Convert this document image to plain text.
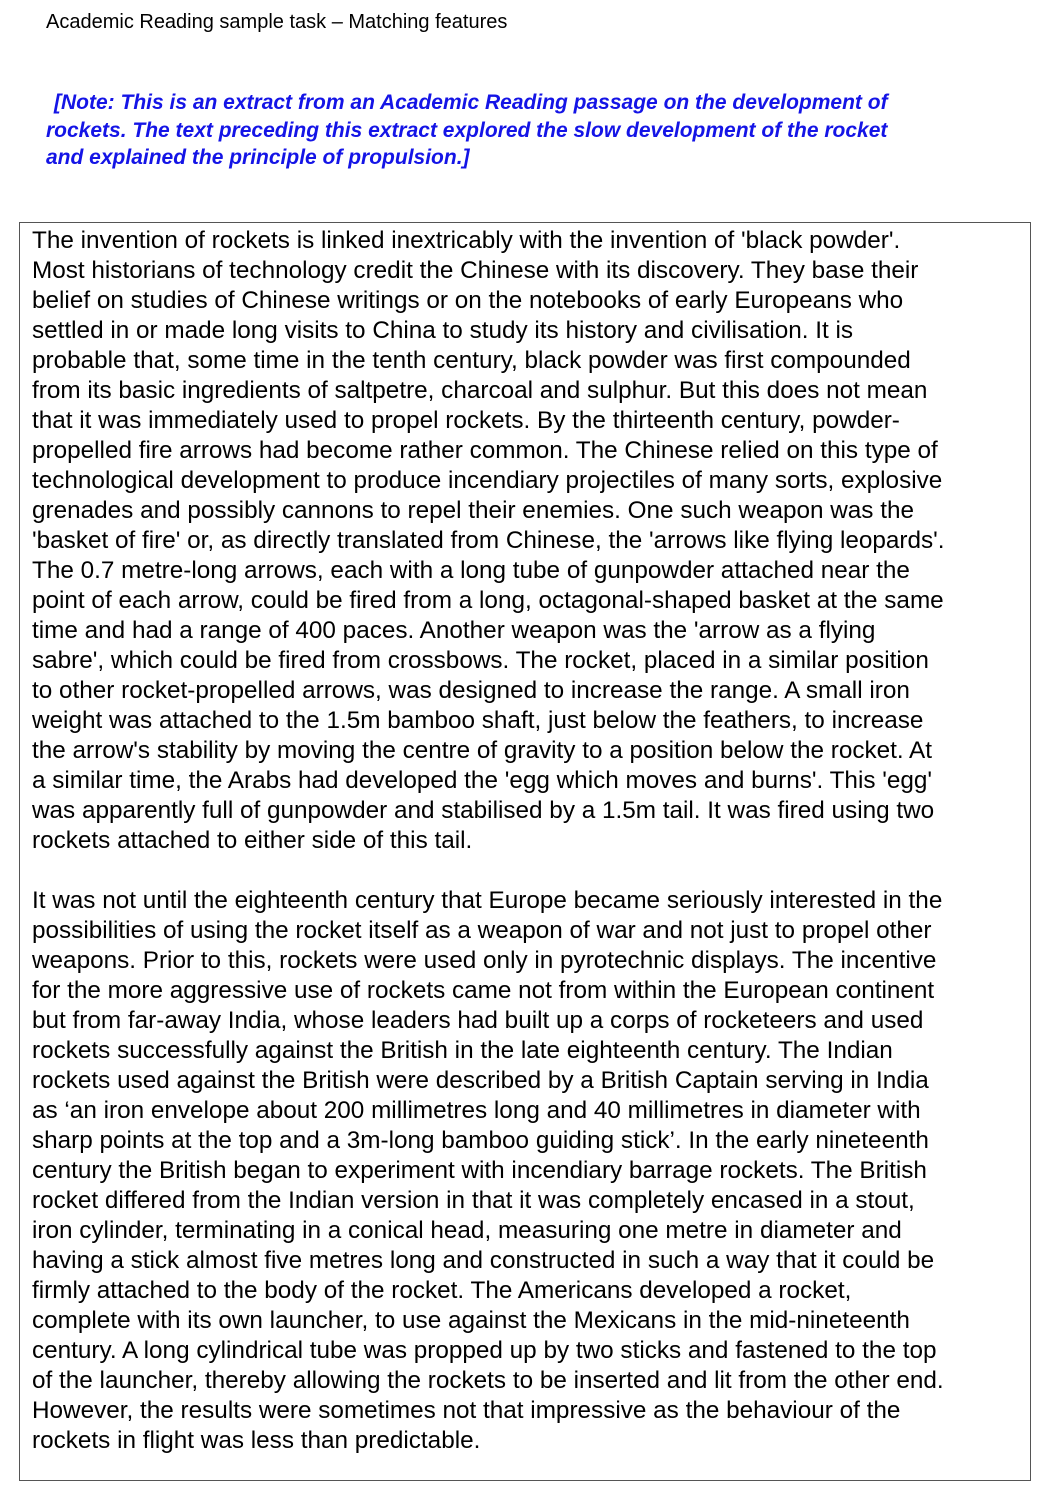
Academic Reading sample task – Matching features
[Note: This is an extract from an Academic Reading passage on the development of
rockets. The text preceding this extract explored the slow development of the rocket
and explained the principle of propulsion.]
The invention of rockets is linked inextricably with the invention of 'black powder'.
Most historians of technology credit the Chinese with its discovery. They base their
belief on studies of Chinese writings or on the notebooks of early Europeans who
settled in or made long visits to China to study its history and civilisation. It is
probable that, some time in the tenth century, black powder was first compounded
from its basic ingredients of saltpetre, charcoal and sulphur. But this does not mean
that it was immediately used to propel rockets. By the thirteenth century, powder-
propelled fire arrows had become rather common. The Chinese relied on this type of
technological development to produce incendiary projectiles of many sorts, explosive
grenades and possibly cannons to repel their enemies. One such weapon was the
'basket of fire' or, as directly translated from Chinese, the 'arrows like flying leopards'.
The 0.7 metre-long arrows, each with a long tube of gunpowder attached near the
point of each arrow, could be fired from a long, octagonal-shaped basket at the same
time and had a range of 400 paces. Another weapon was the 'arrow as a flying
sabre', which could be fired from crossbows. The rocket, placed in a similar position
to other rocket-propelled arrows, was designed to increase the range. A small iron
weight was attached to the 1.5m bamboo shaft, just below the feathers, to increase
the arrow's stability by moving the centre of gravity to a position below the rocket. At
a similar time, the Arabs had developed the 'egg which moves and burns'. This 'egg'
was apparently full of gunpowder and stabilised by a 1.5m tail. It was fired using two
rockets attached to either side of this tail.
It was not until the eighteenth century that Europe became seriously interested in the
possibilities of using the rocket itself as a weapon of war and not just to propel other
weapons. Prior to this, rockets were used only in pyrotechnic displays. The incentive
for the more aggressive use of rockets came not from within the European continent
but from far-away India, whose leaders had built up a corps of rocketeers and used
rockets successfully against the British in the late eighteenth century. The Indian
rockets used against the British were described by a British Captain serving in India
as ‘an iron envelope about 200 millimetres long and 40 millimetres in diameter with
sharp points at the top and a 3m-long bamboo guiding stick’. In the early nineteenth
century the British began to experiment with incendiary barrage rockets. The British
rocket differed from the Indian version in that it was completely encased in a stout,
iron cylinder, terminating in a conical head, measuring one metre in diameter and
having a stick almost five metres long and constructed in such a way that it could be
firmly attached to the body of the rocket. The Americans developed a rocket,
complete with its own launcher, to use against the Mexicans in the mid-nineteenth
century. A long cylindrical tube was propped up by two sticks and fastened to the top
of the launcher, thereby allowing the rockets to be inserted and lit from the other end.
However, the results were sometimes not that impressive as the behaviour of the
rockets in flight was less than predictable.
